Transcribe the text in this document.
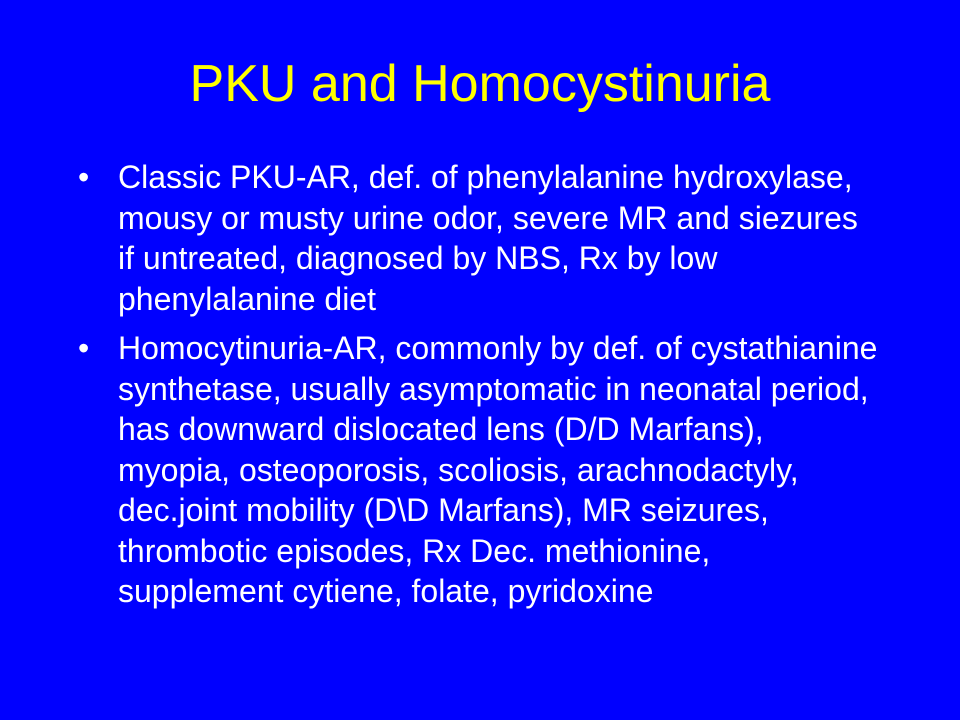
PKU and Homocystinuria
• Classic PKU-AR, def. of phenylalanine hydroxylase, mousy or musty urine odor, severe MR and siezures if untreated, diagnosed by NBS, Rx by low phenylalanine diet
• Homocytinuria-AR, commonly by def. of cystathianine synthetase, usually asymptomatic in neonatal period, has downward dislocated lens (D/D Marfans), myopia, osteoporosis, scoliosis, arachnodactyly, dec.joint mobility (D\D Marfans), MR seizures, thrombotic episodes, Rx Dec. methionine, supplement cytiene, folate, pyridoxine
